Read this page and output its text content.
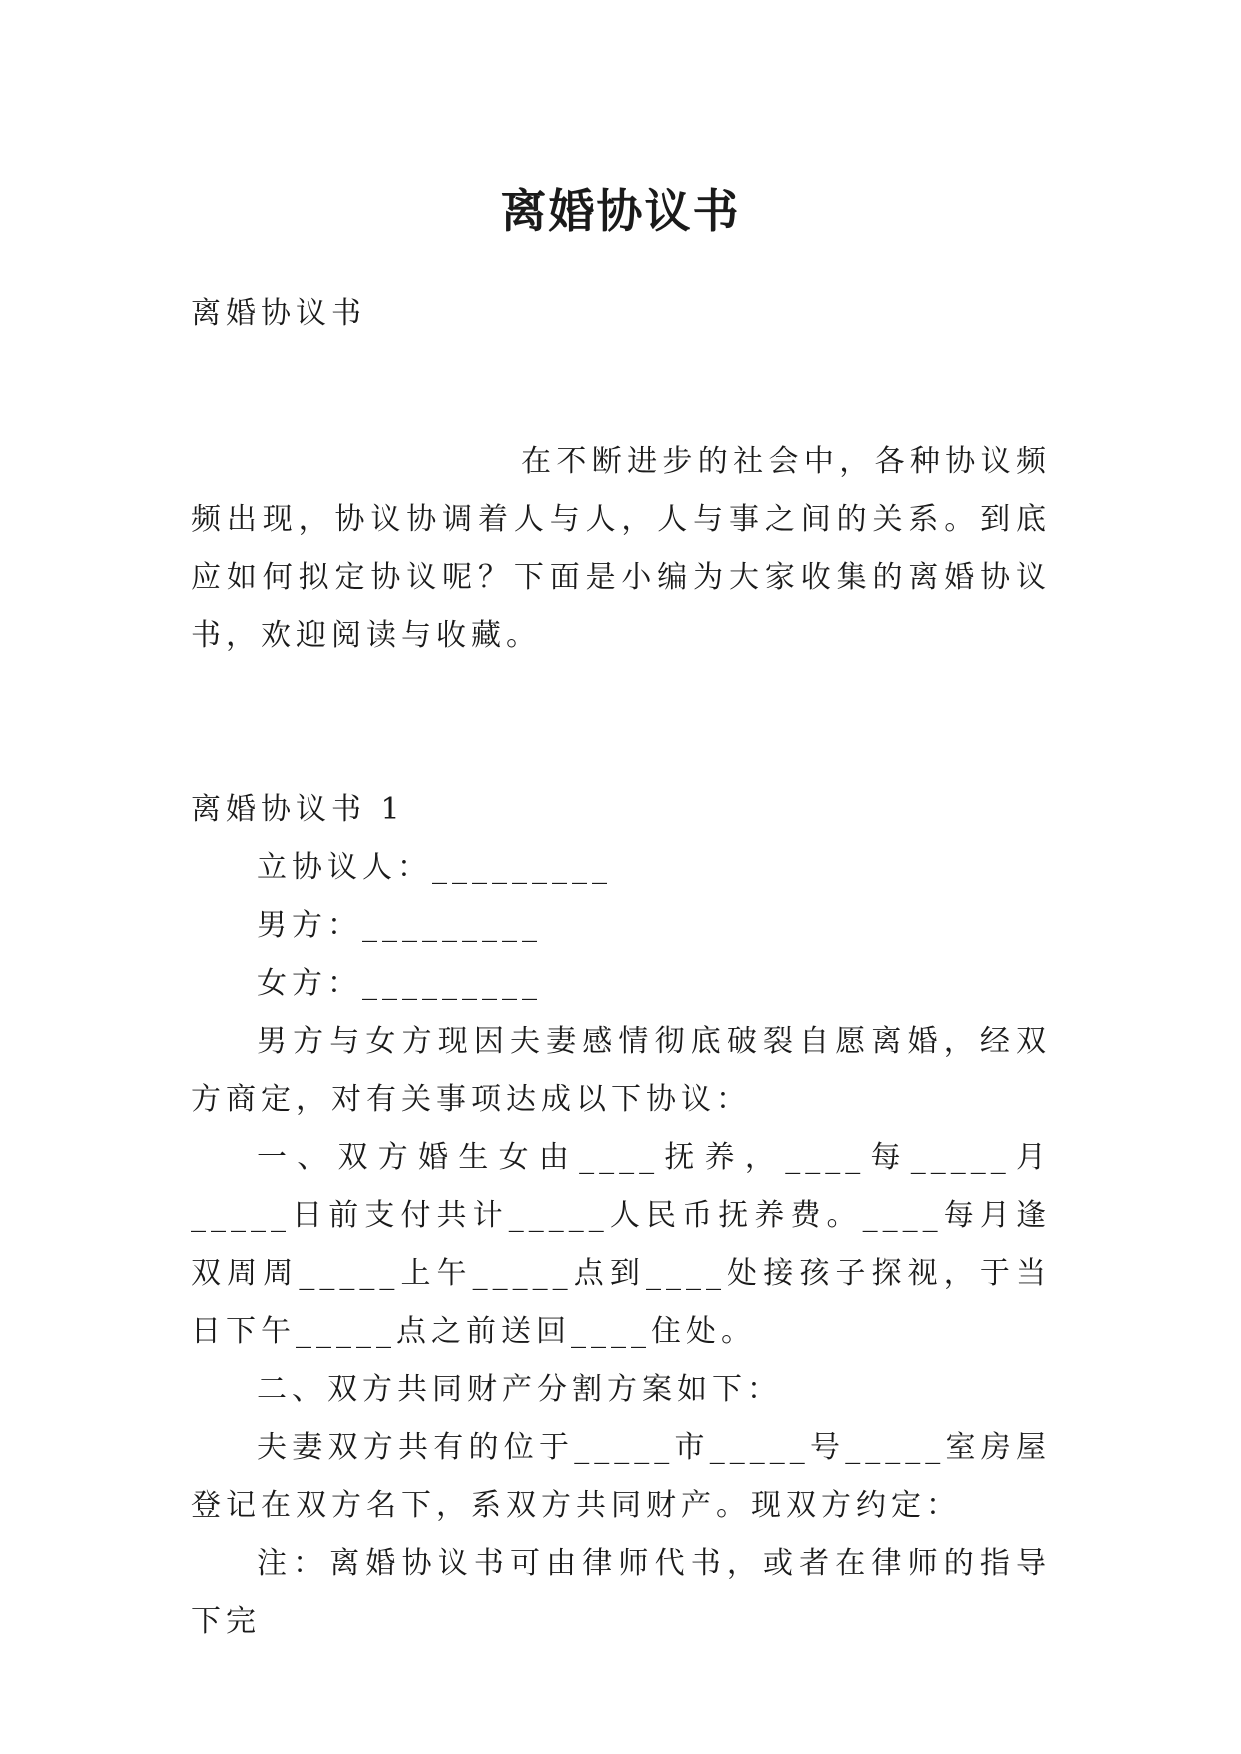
离婚协议书

离婚协议书

在不断进步的社会中，各种协议频频出现，协议协调着人与人，人与事之间的关系。到底应如何拟定协议呢？下面是小编为大家收集的离婚协议书，欢迎阅读与收藏。

离婚协议书 1

立协议人：_________

男方：_________

女方：_________

男方与女方现因夫妻感情彻底破裂自愿离婚，经双方商定，对有关事项达成以下协议：

一、双方婚生女由____抚养，____每_____月_____日前支付共计_____人民币抚养费。____每月逢双周周_____上午_____点到____处接孩子探视，于当日下午_____点之前送回____住处。

二、双方共同财产分割方案如下：

夫妻双方共有的位于_____市_____号_____室房屋登记在双方名下，系双方共同财产。现双方约定：

注：离婚协议书可由律师代书，或者在律师的指导下完
